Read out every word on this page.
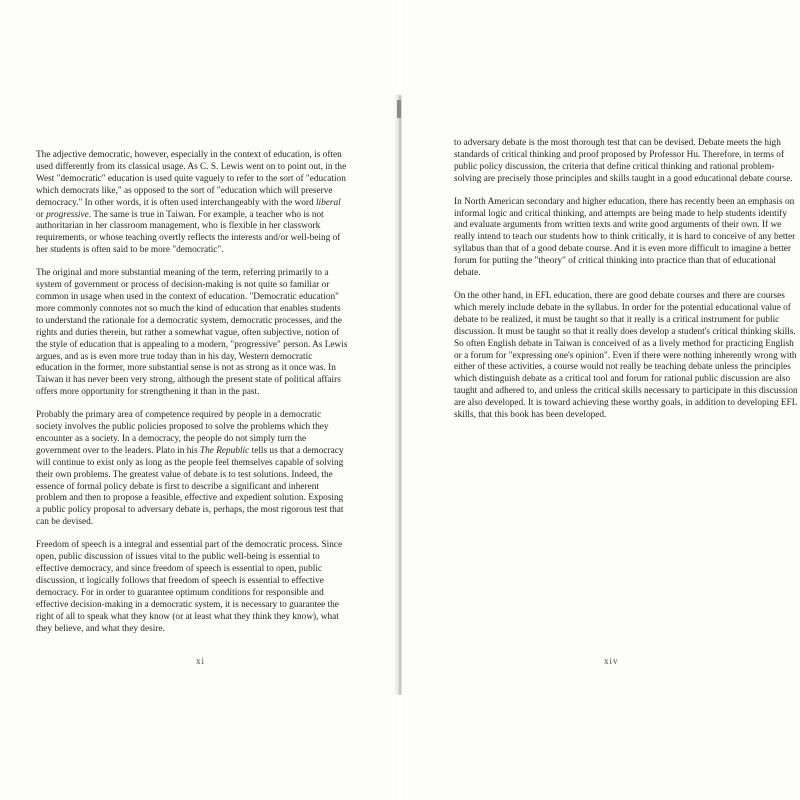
The adjective democratic, however, especially in the context of education, is often used differently from its classical usage. As C. S. Lewis went on to point out, in the West "democratic" education is used quite vaguely to refer to the sort of "education which democrats like," as opposed to the sort of "education which will preserve democracy." In other words, it is often used interchangeably with the word liberal or progressive. The same is true in Taiwan. For example, a teacher who is not authoritarian in her classroom management, who is flexible in her classwork requirements, or whose teaching overtly reflects the interests and/or well-being of her students is often said to be more "democratic".

The original and more substantial meaning of the term, referring primarily to a system of government or process of decision-making is not quite so familiar or common in usage when used in the context of education. "Democratic education" more commonly connotes not so much the kind of education that enables students to understand the rationale for a democratic system, democratic processes, and the rights and duties therein, but rather a somewhat vague, often subjective, notion of the style of education that is appealing to a modern, "progressive" person. As Lewis argues, and as is even more true today than in his day, Western democratic education in the former, more substantial sense is not as strong as it once was. In Taiwan it has never been very strong, although the present state of political affairs offers more opportunity for strengthening it than in the past.

Probably the primary area of competence required by people in a democratic society involves the public policies proposed to solve the problems which they encounter as a society. In a democracy, the people do not simply turn the government over to the leaders. Plato in his The Republic tells us that a democracy will continue to exist only as long as the people feel themselves capable of solving their own problems. The greatest value of debate is to test solutions. Indeed, the essence of formal policy debate is first to describe a significant and inherent problem and then to propose a feasible, effective and expedient solution. Exposing a public policy proposal to adversary debate is, perhaps, the most rigorous test that can be devised.

Freedom of speech is a integral and essential part of the democratic process. Since open, public discussion of issues vital to the public well-being is essential to effective democracy, and since freedom of speech is essential to open, public discussion, ιt logically follows that freedom of speech is essential to effective democracy. For in order to guarantee optimum conditions for responsible and effective decision-making in a democratic system, it is necessary to guarantee the right of all to speak what they know (or at least what they think they know), what they believe, and what they desire.

xi

to adversary debate is the most thorough test that can be devised. Debate meets the high standards of critical thinking and proof proposed by Professor Hu. Therefore, in terms of public policy discussion, the criteria that define critical thinking and rational problem-solving are precisely those principles and skills taught in a good educational debate course.

In North American secondary and higher education, there has recently been an emphasis on informal logic and critical thinking, and attempts are being made to help students identify and evaluate arguments from written texts and write good arguments of their own. If we really intend to teach our students how to think critically, it is hard to conceive of any better syllabus than that of a good debate course. And it is even more difficult to imagine a better forum for putting the "theory" of critical thinking into practice than that of educational debate.

On the other hand, in EFL education, there are good debate courses and there are courses which merely include debate in the syllabus. In order for the potential educational value of debate to be realized, it must be taught so that it really is a critical instrument for public discussion. It must be taught so that it really does develop a student's critical thinking skills. So often English debate in Taiwan is conceived of as a lively method for practicing English or a forum for "expressing one's opinion". Even if there were nothing inherently wrong with either of these activities, a course would not really be teaching debate unless the principles which distinguish debate as a critical tool and forum for rational public discussion are also taught and adhered to, and unless the critical skills necessary to participate in this discussion are also developed. It is toward achieving these worthy goals, in addition to developing EFL skills, that this book has been developed.

xiv
